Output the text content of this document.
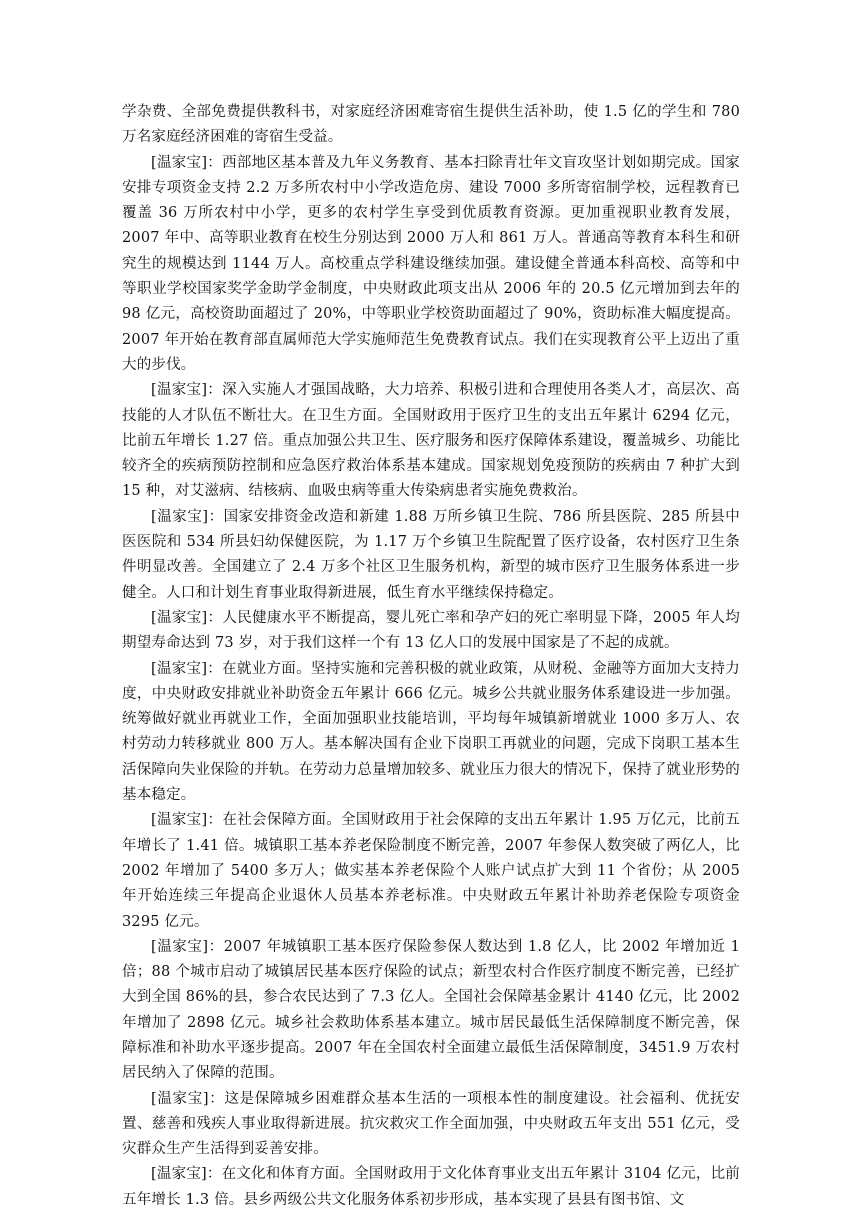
学杂费、全部免费提供教科书，对家庭经济困难寄宿生提供生活补助，使 1.5 亿的学生和 780 万名家庭经济困难的寄宿生受益。

[温家宝]：西部地区基本普及九年义务教育、基本扫除青壮年文盲攻坚计划如期完成。国家安排专项资金支持 2.2 万多所农村中小学改造危房、建设 7000 多所寄宿制学校，远程教育已覆盖 36 万所农村中小学，更多的农村学生享受到优质教育资源。更加重视职业教育发展，2007 年中、高等职业教育在校生分别达到 2000 万人和 861 万人。普通高等教育本科生和研究生的规模达到 1144 万人。高校重点学科建设继续加强。建设健全普通本科高校、高等和中等职业学校国家奖学金助学金制度，中央财政此项支出从 2006 年的 20.5 亿元增加到去年的 98 亿元，高校资助面超过了 20%，中等职业学校资助面超过了 90%，资助标准大幅度提高。2007 年开始在教育部直属师范大学实施师范生免费教育试点。我们在实现教育公平上迈出了重大的步伐。

[温家宝]：深入实施人才强国战略，大力培养、积极引进和合理使用各类人才，高层次、高技能的人才队伍不断壮大。在卫生方面。全国财政用于医疗卫生的支出五年累计 6294 亿元，比前五年增长 1.27 倍。重点加强公共卫生、医疗服务和医疗保障体系建设，覆盖城乡、功能比较齐全的疾病预防控制和应急医疗救治体系基本建成。国家规划免疫预防的疾病由 7 种扩大到 15 种，对艾滋病、结核病、血吸虫病等重大传染病患者实施免费救治。

[温家宝]：国家安排资金改造和新建 1.88 万所乡镇卫生院、786 所县医院、285 所县中医医院和 534 所县妇幼保健医院，为 1.17 万个乡镇卫生院配置了医疗设备，农村医疗卫生条件明显改善。全国建立了 2.4 万多个社区卫生服务机构，新型的城市医疗卫生服务体系进一步健全。人口和计划生育事业取得新进展，低生育水平继续保持稳定。

[温家宝]：人民健康水平不断提高，婴儿死亡率和孕产妇的死亡率明显下降，2005 年人均期望寿命达到 73 岁，对于我们这样一个有 13 亿人口的发展中国家是了不起的成就。

[温家宝]：在就业方面。坚持实施和完善积极的就业政策，从财税、金融等方面加大支持力度，中央财政安排就业补助资金五年累计 666 亿元。城乡公共就业服务体系建设进一步加强。统筹做好就业再就业工作，全面加强职业技能培训，平均每年城镇新增就业 1000 多万人、农村劳动力转移就业 800 万人。基本解决国有企业下岗职工再就业的问题，完成下岗职工基本生活保障向失业保险的并轨。在劳动力总量增加较多、就业压力很大的情况下，保持了就业形势的基本稳定。

[温家宝]：在社会保障方面。全国财政用于社会保障的支出五年累计 1.95 万亿元，比前五年增长了 1.41 倍。城镇职工基本养老保险制度不断完善，2007 年参保人数突破了两亿人，比 2002 年增加了 5400 多万人；做实基本养老保险个人账户试点扩大到 11 个省份；从 2005 年开始连续三年提高企业退休人员基本养老标准。中央财政五年累计补助养老保险专项资金 3295 亿元。

[温家宝]：2007 年城镇职工基本医疗保险参保人数达到 1.8 亿人，比 2002 年增加近 1 倍；88 个城市启动了城镇居民基本医疗保险的试点；新型农村合作医疗制度不断完善，已经扩大到全国 86%的县，参合农民达到了 7.3 亿人。全国社会保障基金累计 4140 亿元，比 2002 年增加了 2898 亿元。城乡社会救助体系基本建立。城市居民最低生活保障制度不断完善，保障标准和补助水平逐步提高。2007 年在全国农村全面建立最低生活保障制度，3451.9 万农村居民纳入了保障的范围。

[温家宝]：这是保障城乡困难群众基本生活的一项根本性的制度建设。社会福利、优抚安置、慈善和残疾人事业取得新进展。抗灾救灾工作全面加强，中央财政五年支出 551 亿元，受灾群众生产生活得到妥善安排。

[温家宝]：在文化和体育方面。全国财政用于文化体育事业支出五年累计 3104 亿元，比前五年增长 1.3 倍。县乡两级公共文化服务体系初步形成，基本实现了县县有图书馆、文
